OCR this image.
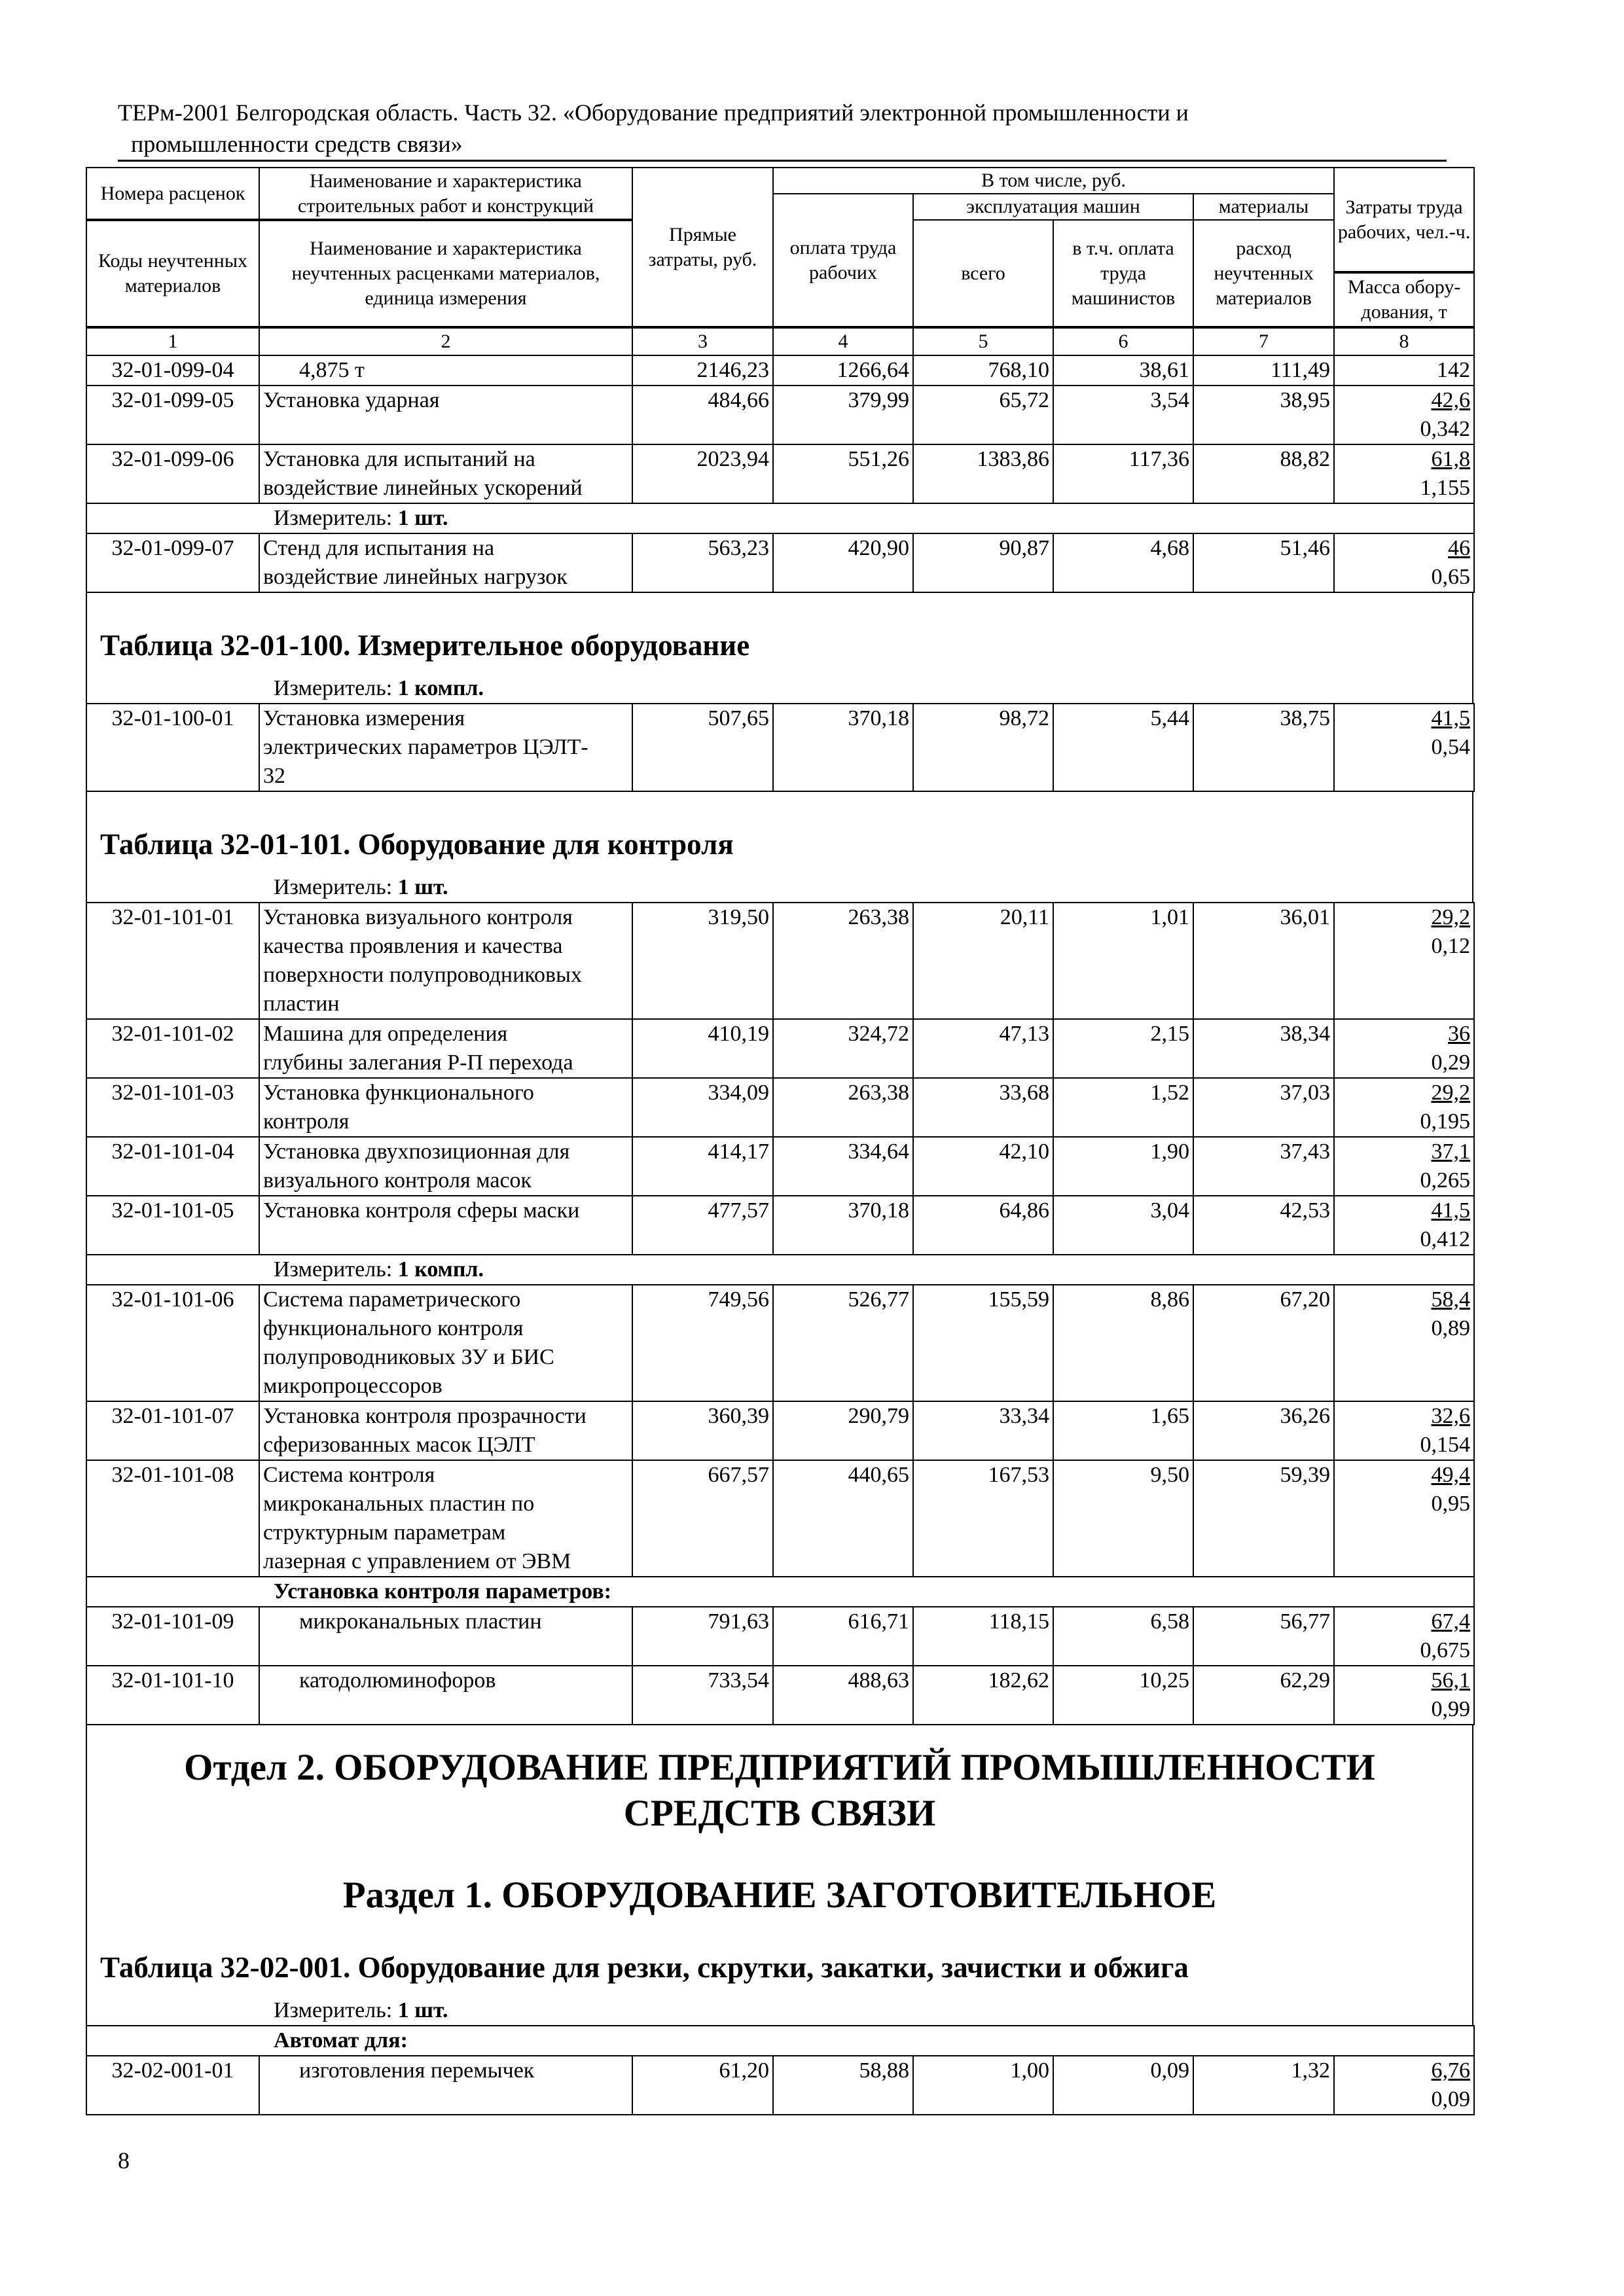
ТЕРм-2001 Белгородская область. Часть 32. «Оборудование предприятий электронной промышленности и
промышленности средств связи»
Номера расценок	Наименование и характеристика строительных работ и конструкций	Прямые затраты, руб.	В том числе, руб.				Затраты труда рабочих, чел.-ч.
			оплата труда рабочих	эксплуатация машин		материалы	
Коды неучтенных материалов	Наименование и характеристика неучтенных расценками материалов, единица измерения			всего	в т.ч. оплата труда машинистов	расход неучтенных материалов	
							Масса обору-дования, т
1	2	3	4	5	6	7	8
32-01-099-04	4,875 т	2146,23	1266,64	768,10	38,61	111,49	142
32-01-099-05	Установка ударная	484,66	379,99	65,72	3,54	38,95	42,6
0,342
32-01-099-06	Установка для испытаний на
воздействие линейных ускорений	2023,94	551,26	1383,86	117,36	88,82	61,8
1,155
Измеритель: 1 шт.							
32-01-099-07	Стенд для испытания на
воздействие линейных нагрузок	563,23	420,90	90,87	4,68	51,46	46
0,65
Таблица 32-01-100. Измерительное оборудование
Измеритель: 1 компл.
32-01-100-01	Установка измерения
электрических параметров ЦЭЛТ-
32	507,65	370,18	98,72	5,44	38,75	41,5
0,54
Таблица 32-01-101. Оборудование для контроля
Измеритель: 1 шт.
32-01-101-01	Установка визуального контроля
качества проявления и качества
поверхности полупроводниковых
пластин	319,50	263,38	20,11	1,01	36,01	29,2
0,12
32-01-101-02	Машина для определения
глубины залегания Р-П перехода	410,19	324,72	47,13	2,15	38,34	36
0,29
32-01-101-03	Установка функционального
контроля	334,09	263,38	33,68	1,52	37,03	29,2
0,195
32-01-101-04	Установка двухпозиционная для
визуального контроля масок	414,17	334,64	42,10	1,90	37,43	37,1
0,265
32-01-101-05	Установка контроля сферы маски	477,57	370,18	64,86	3,04	42,53	41,5
0,412
Измеритель: 1 компл.							
32-01-101-06	Система параметрического
функционального контроля
полупроводниковых ЗУ и БИС
микропроцессоров	749,56	526,77	155,59	8,86	67,20	58,4
0,89
32-01-101-07	Установка контроля прозрачности
сферизованных масок ЦЭЛТ	360,39	290,79	33,34	1,65	36,26	32,6
0,154
32-01-101-08	Система контроля
микроканальных пластин по
структурным параметрам
лазерная с управлением от ЭВМ	667,57	440,65	167,53	9,50	59,39	49,4
0,95
Установка контроля параметров:							
32-01-101-09	микроканальных пластин	791,63	616,71	118,15	6,58	56,77	67,4
0,675
32-01-101-10	катодолюминофоров	733,54	488,63	182,62	10,25	62,29	56,1
0,99
Отдел 2. ОБОРУДОВАНИЕ ПРЕДПРИЯТИЙ ПРОМЫШЛЕННОСТИ
СРЕДСТВ СВЯЗИ
Раздел 1. ОБОРУДОВАНИЕ ЗАГОТОВИТЕЛЬНОЕ
Таблица 32-02-001. Оборудование для резки, скрутки, закатки, зачистки и обжига
Измеритель: 1 шт.
Автомат для:
32-02-001-01	изготовления перемычек	61,20	58,88	1,00	0,09	1,32	6,76
0,09
8
